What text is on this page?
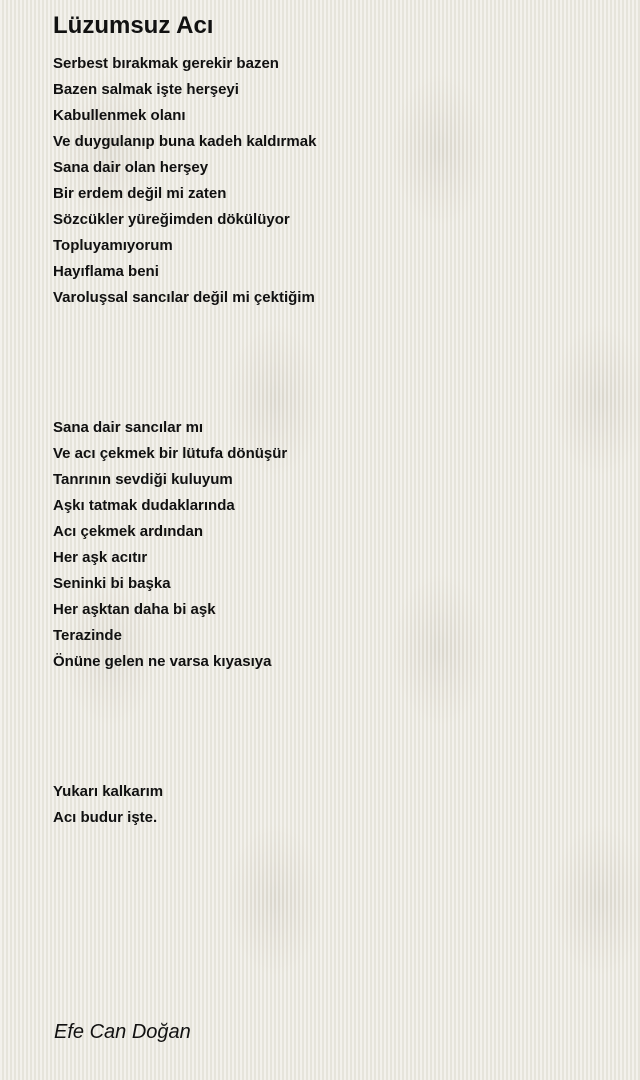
Lüzumsuz Acı
Serbest bırakmak gerekir bazen
Bazen salmak işte herşeyi
Kabullenmek olanı
Ve duygulanıp buna kadeh kaldırmak
Sana dair olan herşey
Bir erdem değil mi zaten
Sözcükler yüreğimden dökülüyor
Topluyamıyorum
Hayıflama beni
Varoluşsal sancılar değil mi çektiğim
Sana dair sancılar mı
Ve acı çekmek bir lütufa dönüşür
Tanrının sevdiği kuluyum
Aşkı tatmak dudaklarında
Acı çekmek ardından
Her aşk acıtır
Seninki bi başka
Her aşktan daha bi aşk
Terazinde
Önüne gelen ne varsa kıyasıya
Yukarı kalkarım
Acı budur işte.
Efe Can Doğan
